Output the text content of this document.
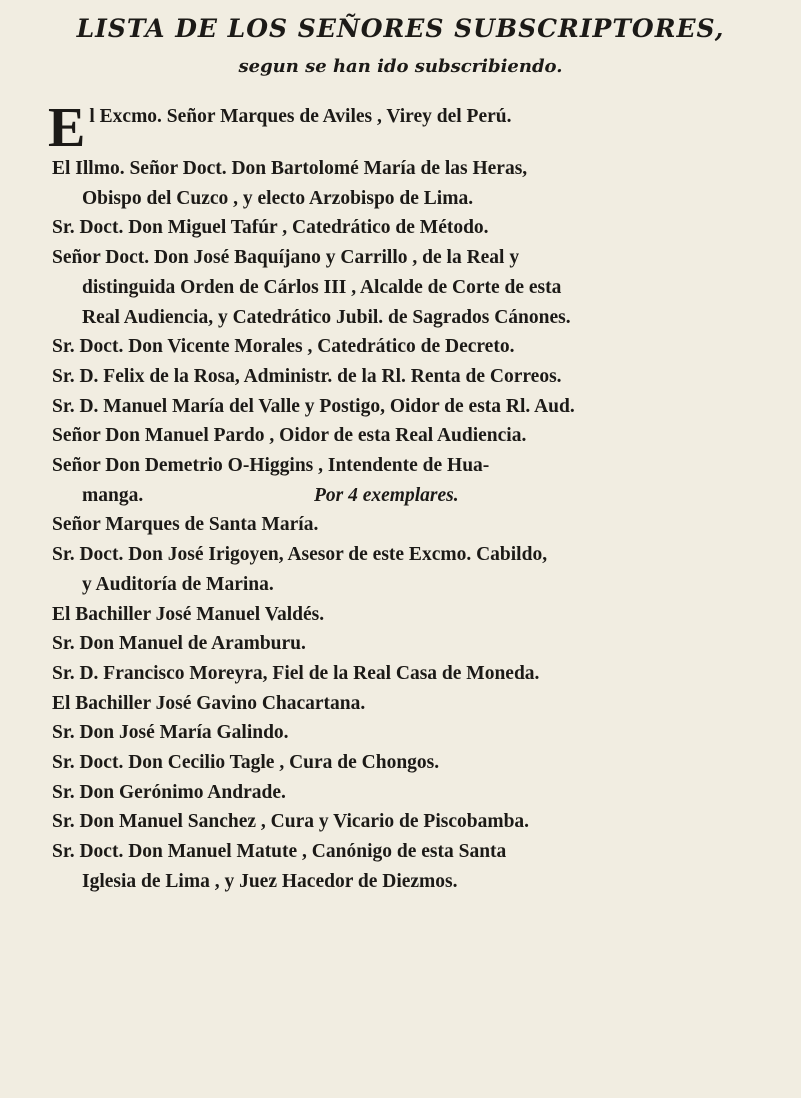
LISTA DE LOS SEÑORES SUBSCRIPTORES,
segun se han ido subscribiendo.
E l Excmo. Señor Marques de Aviles , Virey del Perú.
El Illmo. Señor Doct. Don Bartolomé María de las Heras,
Obispo del Cuzco , y electo Arzobispo de Lima.
Sr. Doct. Don Miguel Tafúr , Catedrático de Método.
Señor Doct. Don José Baquíjano y Carrillo , de la Real y
distinguida Orden de Cárlos III , Alcalde de Corte de esta
Real Audiencia, y Catedrático Jubil. de Sagrados Cánones.
Sr. Doct. Don Vicente Morales , Catedrático de Decreto.
Sr. D. Felix de la Rosa, Administr. de la Rl. Renta de Correos.
Sr. D. Manuel María del Valle y Postigo, Oidor de esta Rl. Aud.
Señor Don Manuel Pardo , Oidor de esta Real Audiencia.
Señor Don Demetrio O-Higgins , Intendente de Hua-
manga.	Por 4 exemplares.
Señor Marques de Santa María.
Sr. Doct. Don José Irigoyen, Asesor de este Excmo. Cabildo,
y Auditoría de Marina.
El Bachiller José Manuel Valdés.
Sr. Don Manuel de Aramburu.
Sr. D. Francisco Moreyra, Fiel de la Real Casa de Moneda.
El Bachiller José Gavino Chacartana.
Sr. Don José María Galindo.
Sr. Doct. Don Cecilio Tagle , Cura de Chongos.
Sr. Don Gerónimo Andrade.
Sr. Don Manuel Sanchez , Cura y Vicario de Piscobamba.
Sr. Doct. Don Manuel Matute , Canónigo de esta Santa
Iglesia de Lima , y Juez Hacedor de Diezmos.
